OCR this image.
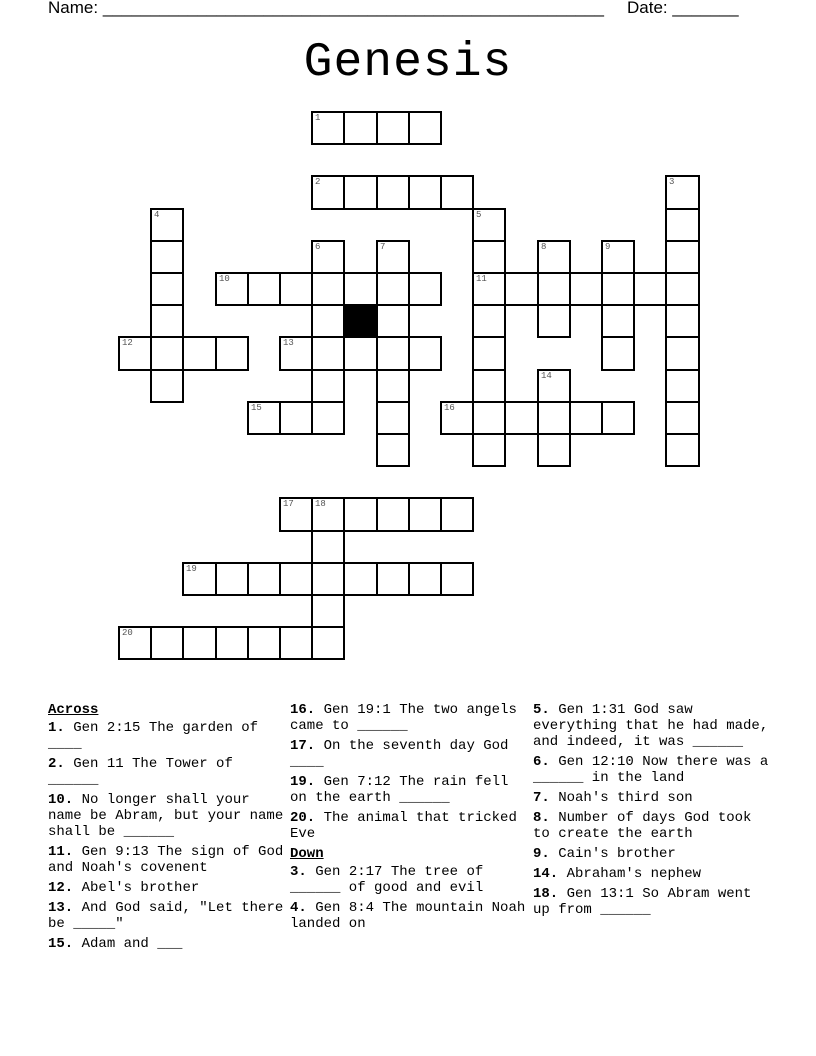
Name: _____________________________________________________ Date: _______
Genesis
1
2	3
4	5
11
6	7	8	9
10
12	13
14
15	16
17 18
19
20
Across
1. Gen 2:15 The garden of ____
2. Gen 11 The Tower of ______
10. No longer shall your name be Abram, but your name shall be ______
11. Gen 9:13 The sign of God and Noah's covenent
12. Abel's brother
13. And God said, "Let there be _____"
15. Adam and ___
16. Gen 19:1 The two angels came to ______
17. On the seventh day God ____
19. Gen 7:12 The rain fell on the earth ______
20. The animal that tricked Eve
Down
3. Gen 2:17 The tree of ______ of good and evil
4. Gen 8:4 The mountain Noah landed on
5. Gen 1:31 God saw everything that he had made, and indeed, it was ______
6. Gen 12:10 Now there was a ______ in the land
7. Noah's third son
8. Number of days God took to create the earth
9. Cain's brother
14. Abraham's nephew
18. Gen 13:1 So Abram went up from ______
